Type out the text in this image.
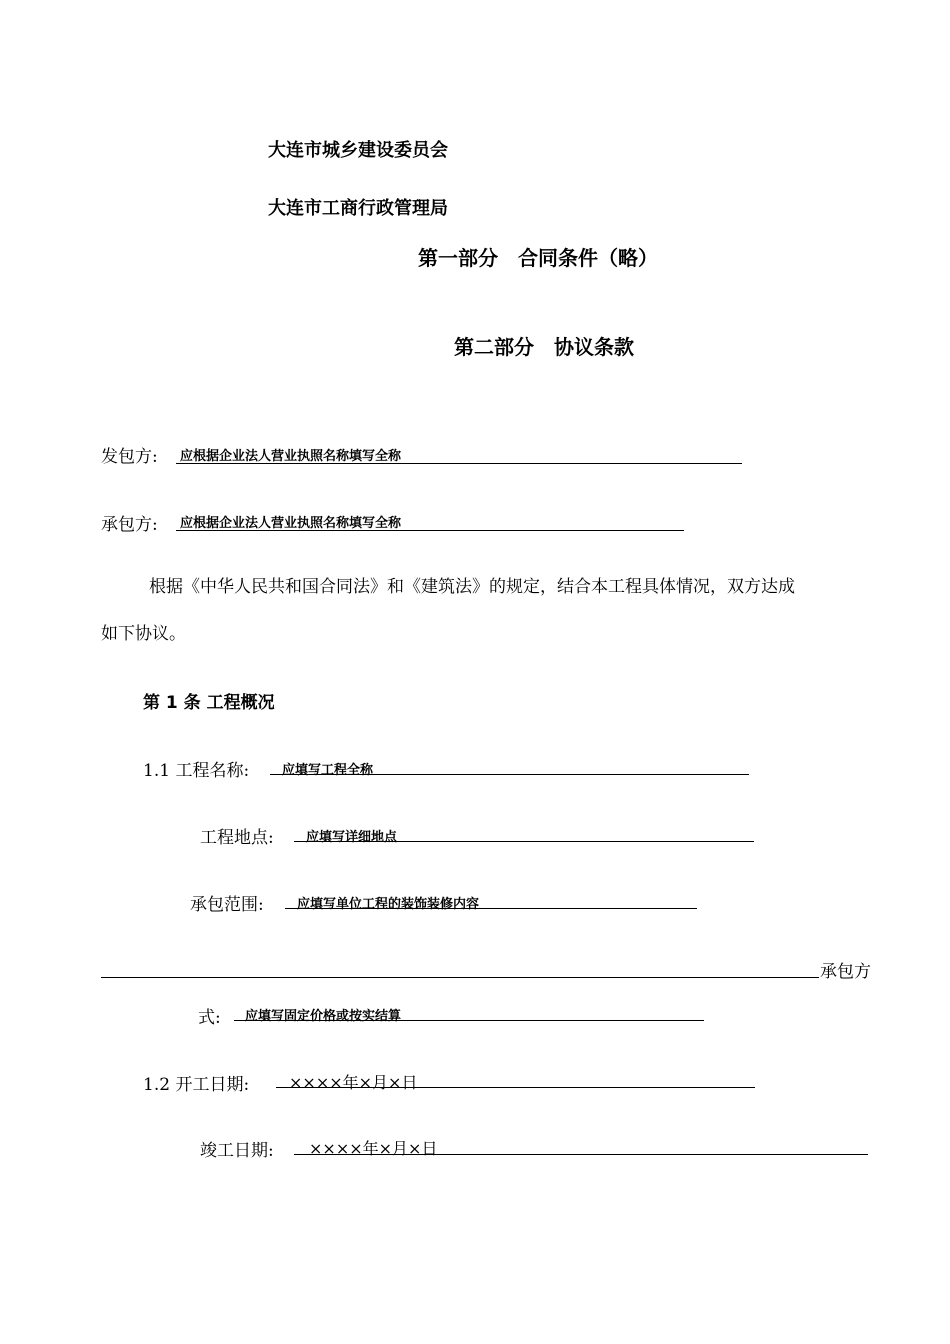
大连市城乡建设委员会
大连市工商行政管理局
第一部分　合同条件（略）
第二部分　协议条款
发包方: 应根据企业法人营业执照名称填写全称
承包方: 应根据企业法人营业执照名称填写全称
根据《中华人民共和国合同法》和《建筑法》的规定，结合本工程具体情况，双方达成
如下协议。
第 1 条 工程概况
1.1 工程名称:	应填写工程全称
工程地点: 应填写详细地点
承包范围:	应填写单位工程的装饰装修内容
承包方
式: 应填写固定价格或按实结算
1.2 开工日期: ××××年×月×日
竣工日期: ××××年×月×日
